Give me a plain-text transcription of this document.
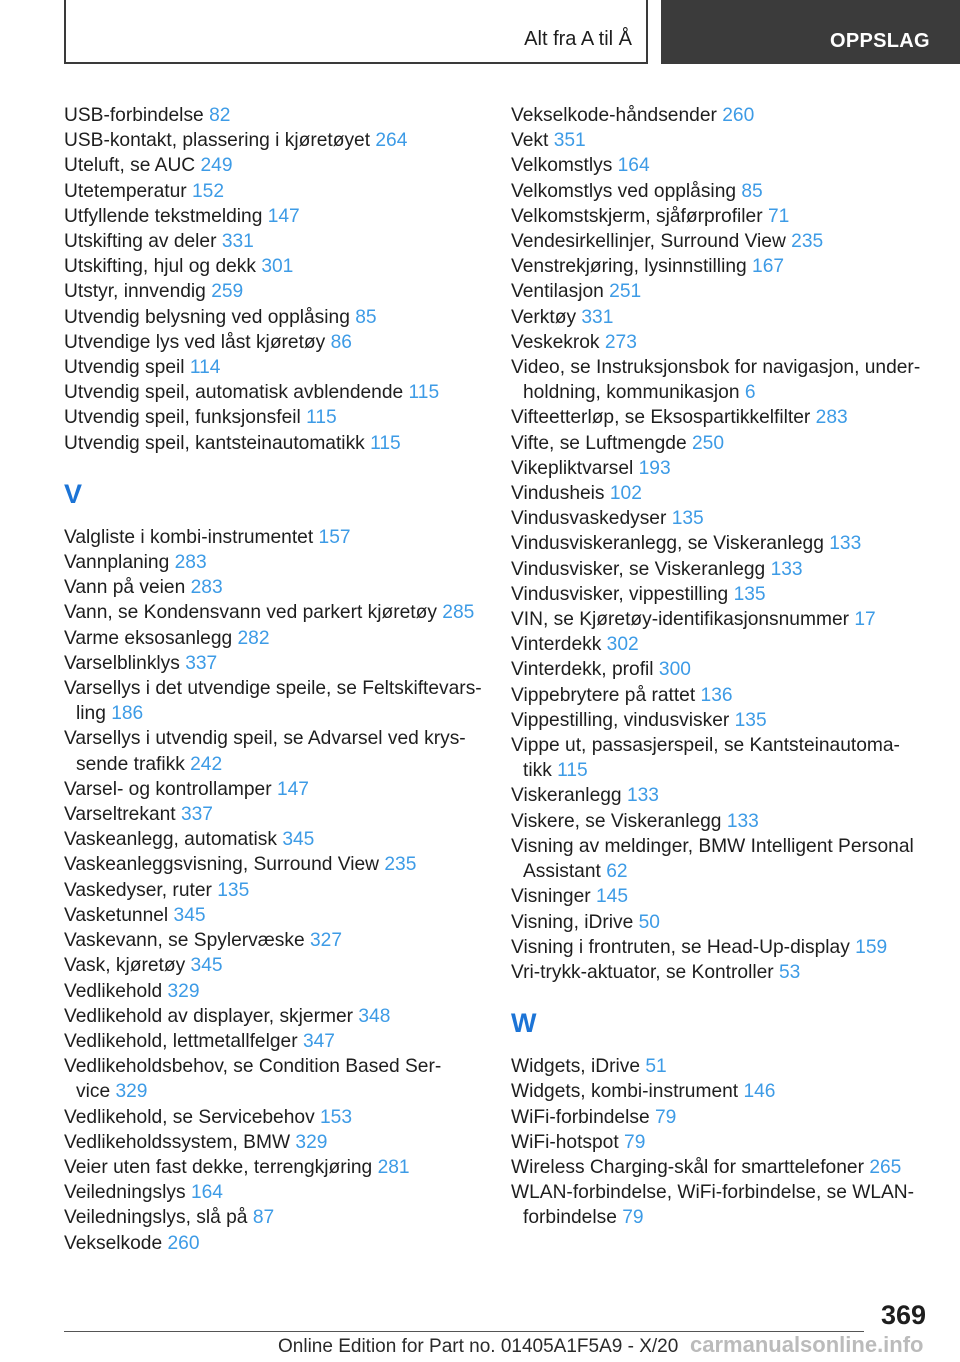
Alt fra A til Å	OPPSLAG
USB-forbindelse 82
USB-kontakt, plassering i kjøretøyet 264
Uteluft, se AUC 249
Utetemperatur 152
Utfyllende tekstmelding 147
Utskifting av deler 331
Utskifting, hjul og dekk 301
Utstyr, innvendig 259
Utvendig belysning ved opplåsing 85
Utvendige lys ved låst kjøretøy 86
Utvendig speil 114
Utvendig speil, automatisk avblendende 115
Utvendig speil, funksjonsfeil 115
Utvendig speil, kantsteinautomatikk 115
V
Valgliste i kombi-instrumentet 157
Vannplaning 283
Vann på veien 283
Vann, se Kondensvann ved parkert kjøretøy 285
Varme eksosanlegg 282
Varselblinklys 337
Varsellys i det utvendige speile, se Feltskiftevars-
ling 186
Varsellys i utvendig speil, se Advarsel ved krys-
sende trafikk 242
Varsel- og kontrollamper 147
Varseltrekant 337
Vaskeanlegg, automatisk 345
Vaskeanleggsvisning, Surround View 235
Vaskedyser, ruter 135
Vasketunnel 345
Vaskevann, se Spylervæske 327
Vask, kjøretøy 345
Vedlikehold 329
Vedlikehold av displayer, skjermer 348
Vedlikehold, lettmetallfelger 347
Vedlikeholdsbehov, se Condition Based Ser-
vice 329
Vedlikehold, se Servicebehov 153
Vedlikeholdssystem, BMW 329
Veier uten fast dekke, terrengkjøring 281
Veiledningslys 164
Veiledningslys, slå på 87
Vekselkode 260
Vekselkode-håndsender 260
Vekt 351
Velkomstlys 164
Velkomstlys ved opplåsing 85
Velkomstskjerm, sjåførprofiler 71
Vendesirkellinjer, Surround View 235
Venstrekjøring, lysinnstilling 167
Ventilasjon 251
Verktøy 331
Veskekrok 273
Video, se Instruksjonsbok for navigasjon, under-
holdning, kommunikasjon 6
Vifteetterløp, se Eksospartikkelfilter 283
Vifte, se Luftmengde 250
Vikepliktvarsel 193
Vindusheis 102
Vindusvaskedyser 135
Vindusviskeranlegg, se Viskeranlegg 133
Vindusvisker, se Viskeranlegg 133
Vindusvisker, vippestilling 135
VIN, se Kjøretøy-identifikasjonsnummer 17
Vinterdekk 302
Vinterdekk, profil 300
Vippebrytere på rattet 136
Vippestilling, vindusvisker 135
Vippe ut, passasjerspeil, se Kantsteinautoma-
tikk 115
Viskeranlegg 133
Viskere, se Viskeranlegg 133
Visning av meldinger, BMW Intelligent Personal
Assistant 62
Visninger 145
Visning, iDrive 50
Visning i frontruten, se Head-Up-display 159
Vri-trykk-aktuator, se Kontroller 53
W
Widgets, iDrive 51
Widgets, kombi-instrument 146
WiFi-forbindelse 79
WiFi-hotspot 79
Wireless Charging-skål for smarttelefoner 265
WLAN-forbindelse, WiFi-forbindelse, se WLAN-
forbindelse 79
369
Online Edition for Part no. 01405A1F5A9 - X/20 carmanualsonline.info
